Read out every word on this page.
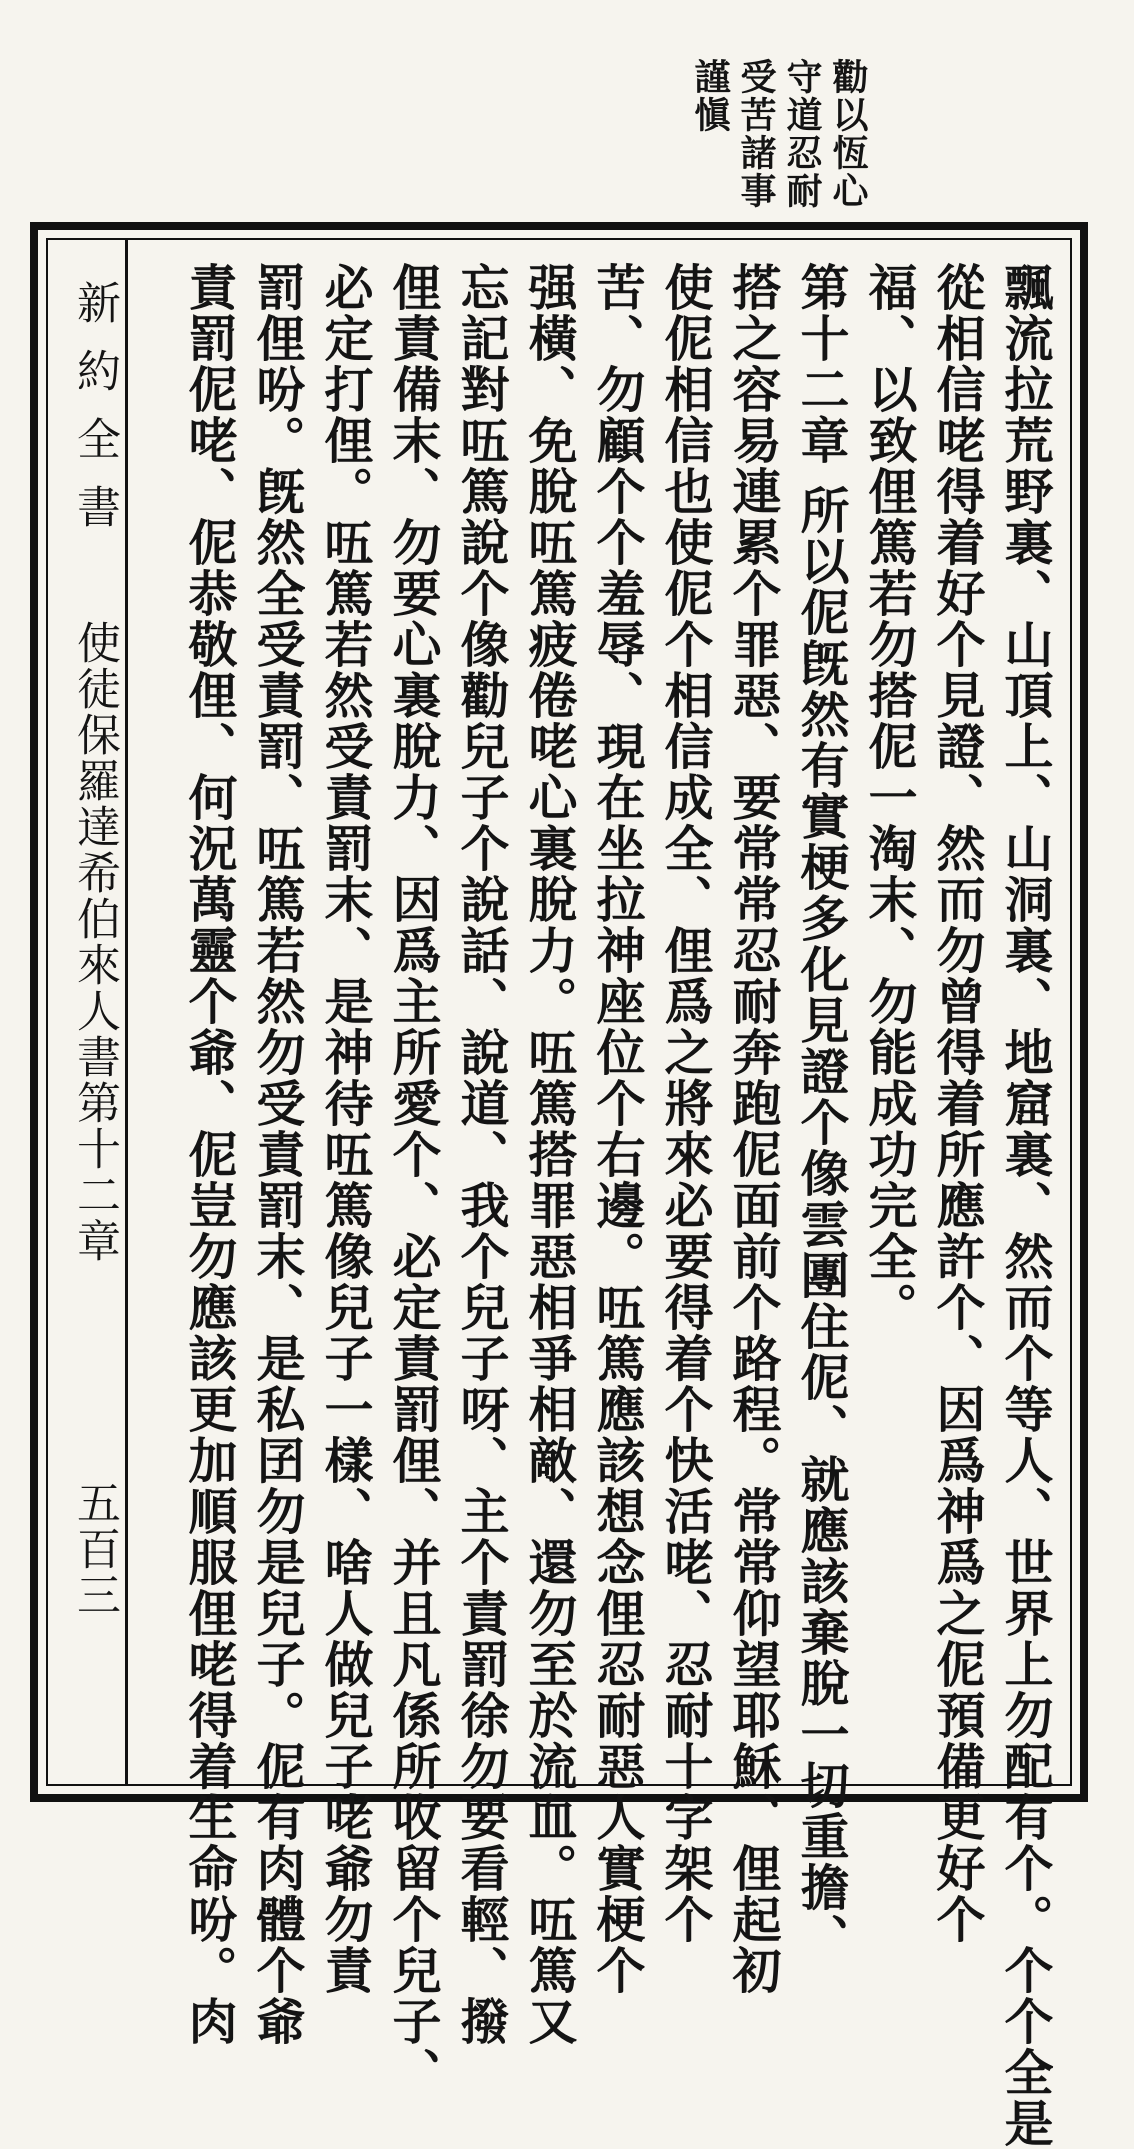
勸以恆心
守道忍耐
受苦諸事
謹愼
新約全書
使徒保羅達希伯來人書第十二章
五百三	飄流拉荒野裏、山頂上、山洞裏、地窟裏、然而个等人、世界上勿配有个。个个全是
從相信咾得着好个見證、然而勿曾得着所應許个、因爲神爲之伲預備更好个
福、以致俚篤若勿搭伲一淘末、勿能成功完全。
第十二章 所以伲旣然有實梗多化見證个像雲團住伲、就應該棄脫一切重擔、
搭之容易連累个罪惡、要常常忍耐奔跑伲面前个路程。常常仰望耶穌、俚起初
使伲相信也使伲个相信成全、俚爲之將來必要得着个快活咾、忍耐十字架个
苦、勿顧个个羞辱、現在坐拉神座位个右邊。㕶篤應該想念俚忍耐惡人實梗个
强橫、免脫㕶篤疲倦咾心裏脫力。㕶篤搭罪惡相爭相敵、還勿至於流血。㕶篤又
忘記對㕶篤說个像勸兒子个說話、說道、我个兒子呀、主个責罰徐勿要看輕、撥
俚責備末、勿要心裏脫力、因爲主所愛个、必定責罰俚、并且凡係所收留个兒子、
必定打俚。㕶篤若然受責罰末、是神待㕶篤像兒子一樣、啥人做兒子咾爺勿責
罰俚吩。旣然全受責罰、㕶篤若然勿受責罰末、是私囝勿是兒子。伲有肉體个爺
責罰伲咾、伲恭敬俚、何況萬靈个爺、伲豈勿應該更加順服俚咾得着生命吩。肉
